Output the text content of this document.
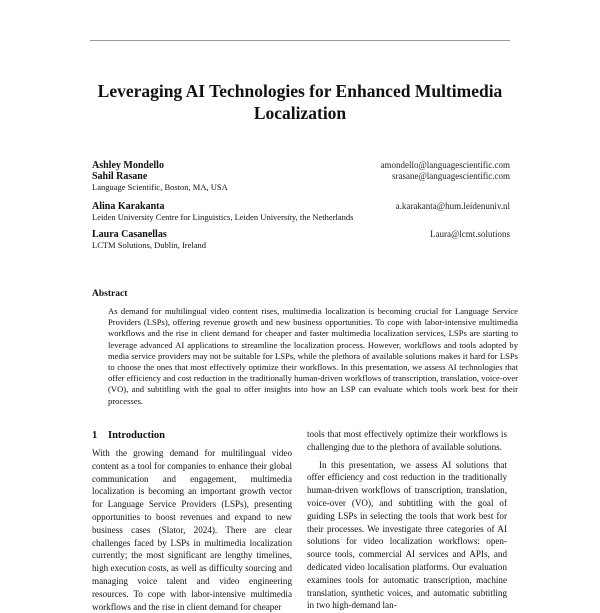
Leveraging AI Technologies for Enhanced Multimedia Localization
Ashley Mondello	amondello@languagescientific.com
Sahil Rasane	srasane@languagescientific.com
Language Scientific, Boston, MA, USA
Alina Karakanta	a.karakanta@hum.leidenuniv.nl
Leiden University Centre for Linguistics, Leiden University, the Netherlands
Laura Casanellas	Laura@lcmt.solutions
LCTM Solutions, Dublin, Ireland
Abstract
As demand for multilingual video content rises, multimedia localization is becoming crucial for Language Service Providers (LSPs), offering revenue growth and new business opportunities. To cope with labor-intensive multimedia workflows and the rise in client demand for cheaper and faster multimedia localization services, LSPs are starting to leverage advanced AI applications to streamline the localization process. However, workflows and tools adopted by media service providers may not be suitable for LSPs, while the plethora of available solutions makes it hard for LSPs to choose the ones that most effectively optimize their workflows. In this presentation, we assess AI technologies that offer efficiency and cost reduction in the traditionally human-driven workflows of transcription, translation, voice-over (VO), and subtitling with the goal to offer insights into how an LSP can evaluate which tools work best for their processes.
1 Introduction

With the growing demand for multilingual video content as a tool for companies to enhance their global communication and engagement, multimedia localization is becoming an important growth vector for Language Service Providers (LSPs), presenting opportunities to boost revenues and expand to new business cases (Slator, 2024). There are clear challenges faced by LSPs in multimedia localization currently; the most significant are lengthy timelines, high execution costs, as well as difficulty sourcing and managing voice talent and video engineering resources. To cope with labor-intensive multimedia workflows and the rise in client demand for cheaper

tools that most effectively optimize their workflows is challenging due to the plethora of available solutions.

In this presentation, we assess AI solutions that offer efficiency and cost reduction in the traditionally human-driven workflows of transcription, translation, voice-over (VO), and subtitling with the goal of guiding LSPs in selecting the tools that work best for their processes. We investigate three categories of AI solutions for video localization workflows: open-source tools, commercial AI services and APIs, and dedicated video localisation platforms. Our evaluation examines tools for automatic transcription, machine translation, synthetic voices, and automatic subtitling in two high-demand lan-
